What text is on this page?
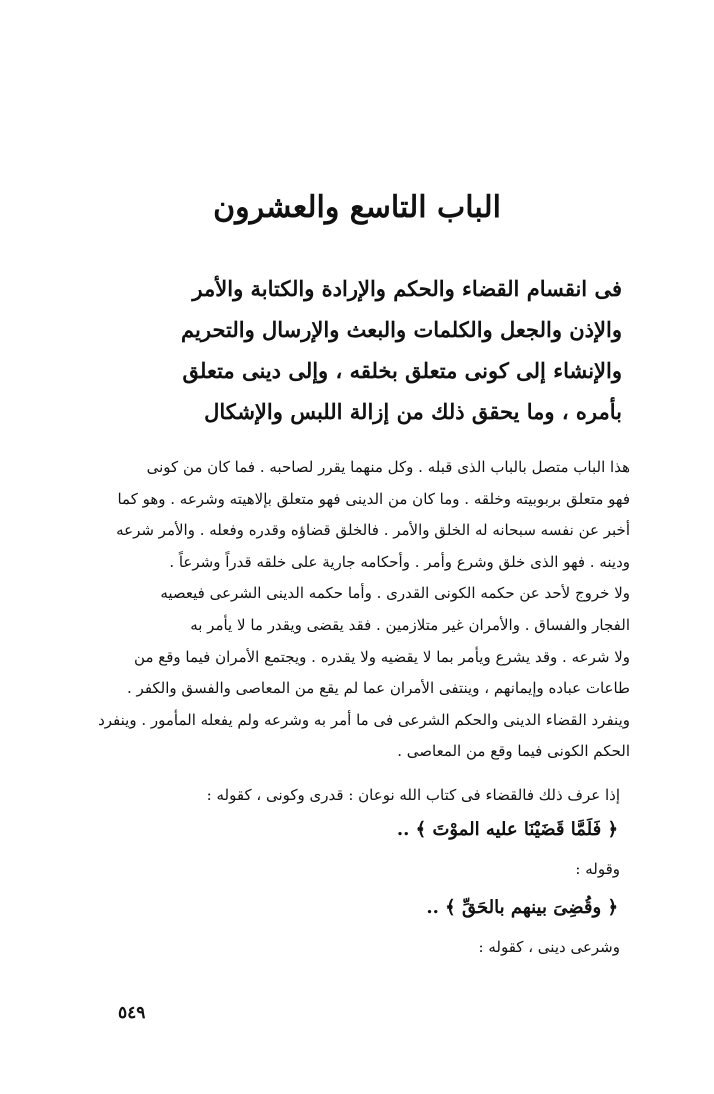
الباب التاسع والعشرون
فى انقسام القضاء والحكم والإرادة والكتابة والأمر
والإذن والجعل والكلمات والبعث والإرسال والتحريم
والإنشاء إلى كونى متعلق بخلقه ، وإلى دينى متعلق
بأمره ، وما يحقق ذلك من إزالة اللبس والإشكال
هذا الباب متصل بالباب الذى قبله . وكل منهما يقرر لصاحبه . فما كان من كونى
فهو متعلق بربوبيته وخلقه . وما كان من الدينى فهو متعلق بإلاهيته وشرعه . وهو كما
أخبر عن نفسه سبحانه له الخلق والأمر . فالخلق قضاؤه وقدره وفعله . والأمر شرعه
ودينه . فهو الذى خلق وشرع وأمر . وأحكامه جارية على خلقه قدراً وشرعاً .
ولا خروج لأحد عن حكمه الكونى القدرى . وأما حكمه الدينى الشرعى فيعصيه
الفجار والفساق . والأمران غير متلازمين . فقد يقضى ويقدر ما لا يأمر به
ولا شرعه . وقد يشرع ويأمر بما لا يقضيه ولا يقدره . ويجتمع الأمران فيما وقع من
طاعات عباده وإيمانهم ، وينتفى الأمران عما لم يقع من المعاصى والفسق والكفر .
وينفرد القضاء الدينى والحكم الشرعى فى ما أمر به وشرعه ولم يفعله المأمور . وينفرد
الحكم الكونى فيما وقع من المعاصى .

إذا عرف ذلك فالقضاء فى كتاب الله نوعان : قدرى وكونى ، كقوله :

﴿ فَلَمَّا قَضَيْنَا عليه الموْتَ ﴾ ..

وقوله :

﴿ وقُضِىَ بينهم بالحَقِّ ﴾ ..

وشرعى دينى ، كقوله :

٥٤٩
